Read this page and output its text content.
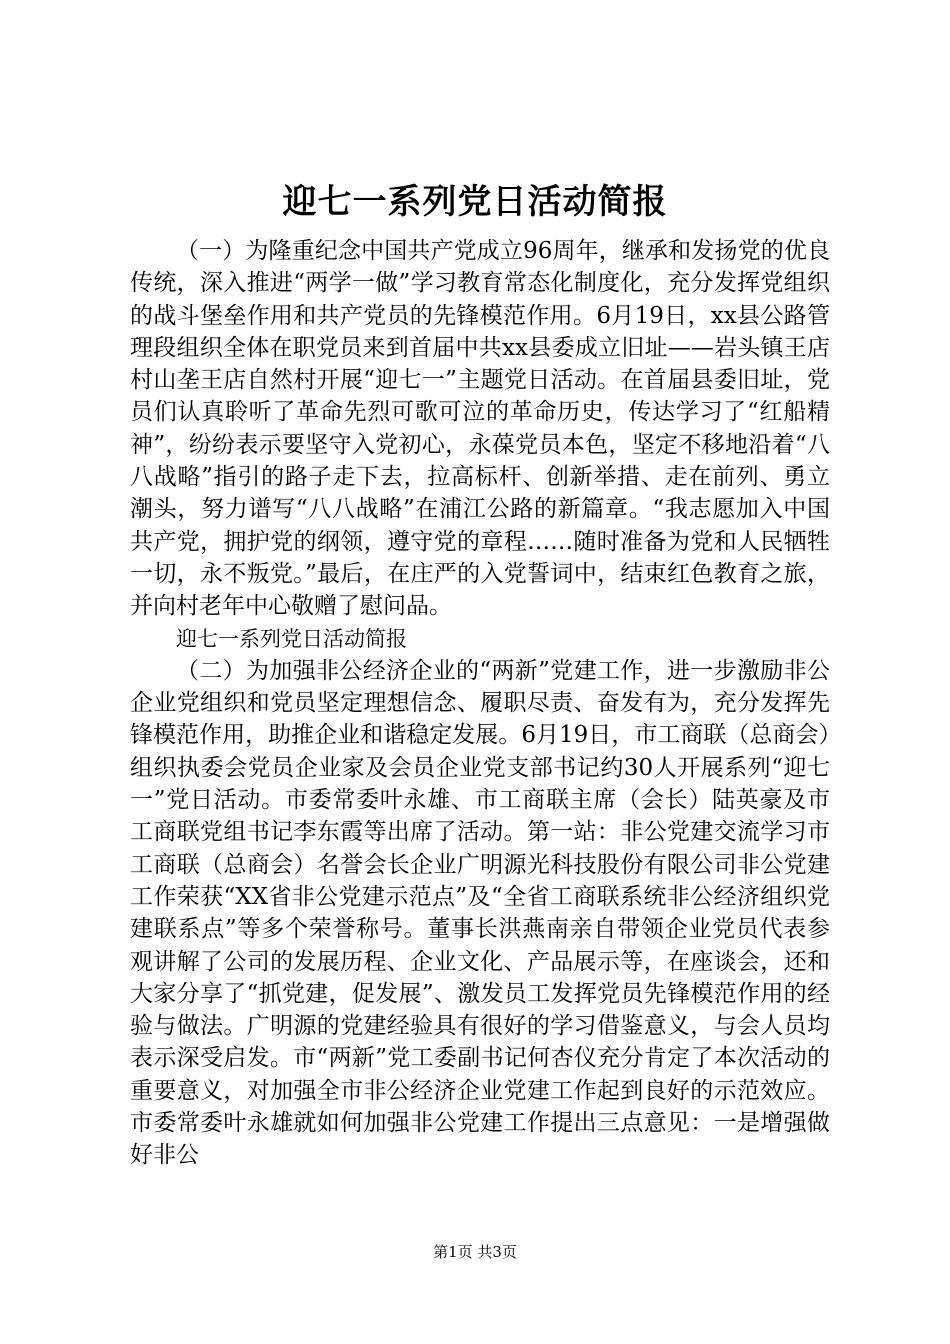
迎七一系列党日活动简报

（一）为隆重纪念中国共产党成立96周年，继承和发扬党的优良传统，深入推进“两学一做”学习教育常态化制度化，充分发挥党组织的战斗堡垒作用和共产党员的先锋模范作用。6月19日，xx县公路管理段组织全体在职党员来到首届中共xx县委成立旧址——岩头镇王店村山垄王店自然村开展“迎七一”主题党日活动。在首届县委旧址，党员们认真聆听了革命先烈可歌可泣的革命历史，传达学习了“红船精神”，纷纷表示要坚守入党初心，永葆党员本色，坚定不移地沿着“八八战略”指引的路子走下去，拉高标杆、创新举措、走在前列、勇立潮头，努力谱写“八八战略”在浦江公路的新篇章。“我志愿加入中国共产党，拥护党的纲领，遵守党的章程……随时准备为党和人民牺牲一切，永不叛党。”最后，在庄严的入党誓词中，结束红色教育之旅，并向村老年中心敬赠了慰问品。

迎七一系列党日活动简报

（二）为加强非公经济企业的“两新”党建工作，进一步激励非公企业党组织和党员坚定理想信念、履职尽责、奋发有为，充分发挥先锋模范作用，助推企业和谐稳定发展。6月19日，市工商联（总商会）组织执委会党员企业家及会员企业党支部书记约30人开展系列“迎七一”党日活动。市委常委叶永雄、市工商联主席（会长）陆英豪及市工商联党组书记李东霞等出席了活动。第一站：非公党建交流学习市工商联（总商会）名誉会长企业广明源光科技股份有限公司非公党建工作荣获“XX省非公党建示范点”及“全省工商联系统非公经济组织党建联系点”等多个荣誉称号。董事长洪燕南亲自带领企业党员代表参观讲解了公司的发展历程、企业文化、产品展示等，在座谈会，还和大家分享了“抓党建，促发展”、激发员工发挥党员先锋模范作用的经验与做法。广明源的党建经验具有很好的学习借鉴意义，与会人员均表示深受启发。市“两新”党工委副书记何杏仪充分肯定了本次活动的重要意义，对加强全市非公经济企业党建工作起到良好的示范效应。市委常委叶永雄就如何加强非公党建工作提出三点意见：一是增强做好非公

第1页 共3页
